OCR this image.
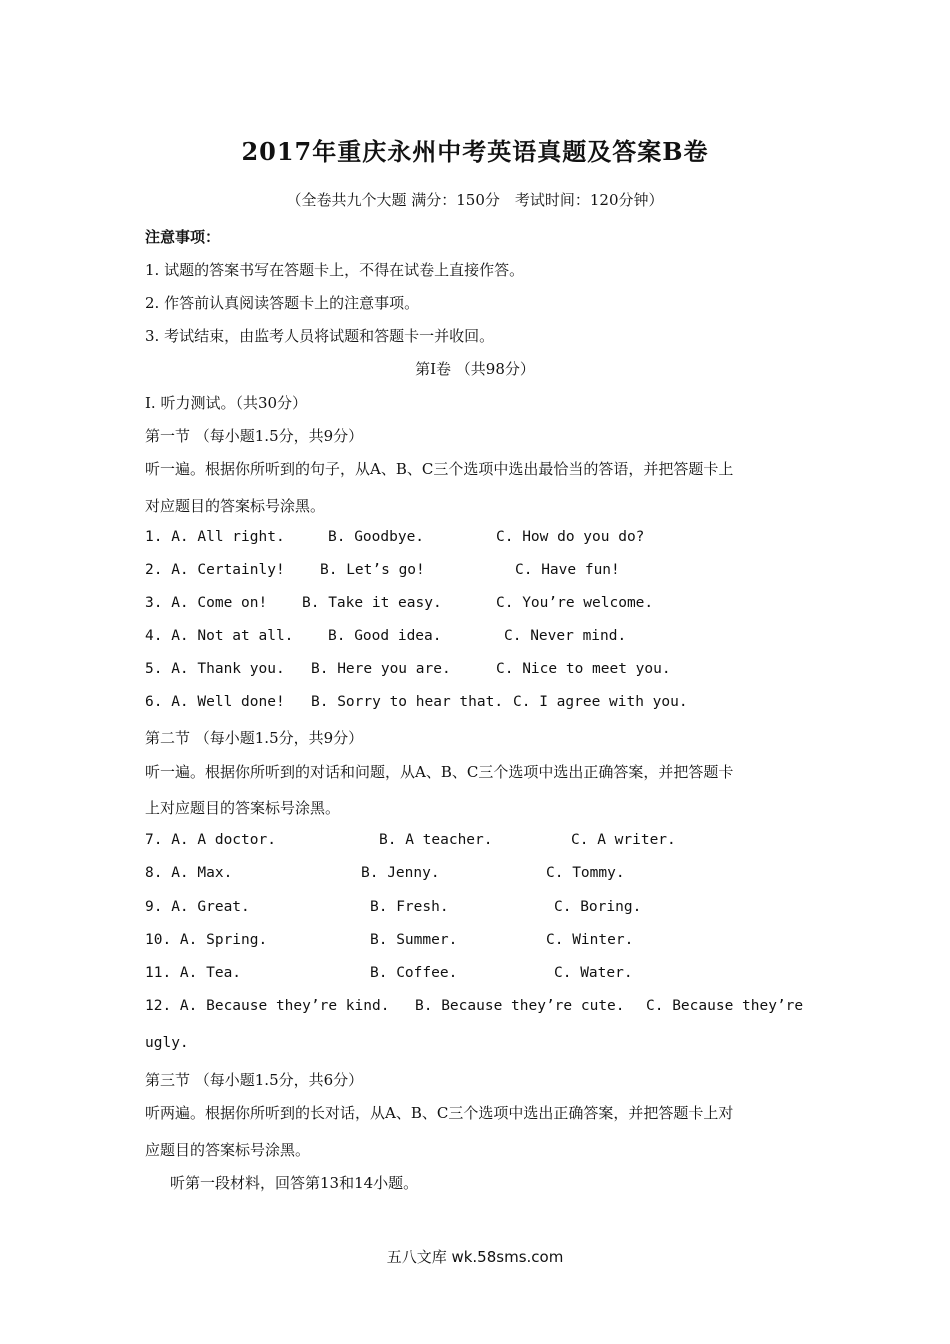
2017年重庆永州中考英语真题及答案B卷
（全卷共九个大题 满分：150分　考试时间：120分钟）
注意事项：
1. 试题的答案书写在答题卡上，不得在试卷上直接作答。
2. 作答前认真阅读答题卡上的注意事项。
3. 考试结束，由监考人员将试题和答题卡一并收回。
第I卷 （共98分）
I. 听力测试。（共30分）
第一节 （每小题1.5分，共9分）
听一遍。根据你所听到的句子，从A、B、C三个选项中选出最恰当的答语，并把答题卡上
对应题目的答案标号涂黑。
1. A. All right.	B. Goodbye.	C. How do you do?
2. A. Certainly! B. Let’s go!	C. Have fun!
3. A. Come on! B. Take it easy.	C. You’re welcome.
4. A. Not at all. B. Good idea.	C. Never mind.
5. A. Thank you. B. Here you are.	C. Nice to meet you.
6. A. Well done! B. Sorry to hear that. C. I agree with you.
第二节 （每小题1.5分，共9分）
听一遍。根据你所听到的对话和问题，从A、B、C三个选项中选出正确答案，并把答题卡
上对应题目的答案标号涂黑。
7. A. A doctor.	B. A teacher.	C. A writer.
8. A. Max.	B. Jenny.	C. Tommy.
9. A. Great.	B. Fresh.	C. Boring.
10. A. Spring.	B. Summer.	C. Winter.
11. A. Tea.	B. Coffee.	C. Water.
12. A. Because they’re kind. B. Because they’re cute. C. Because they’re
ugly.
第三节 （每小题1.5分，共6分）
听两遍。根据你所听到的长对话，从A、B、C三个选项中选出正确答案，并把答题卡上对
应题目的答案标号涂黑。
听第一段材料，回答第13和14小题。
五八文库 wk.58sms.com
